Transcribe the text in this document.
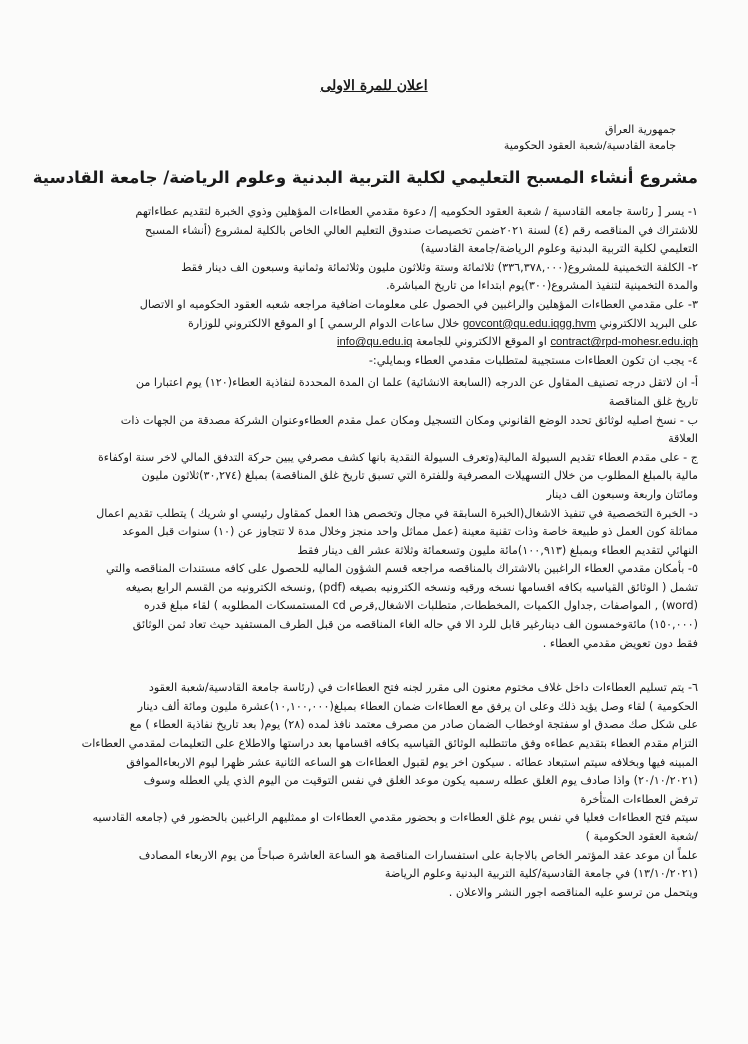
اعلان للمرة الاولى
جمهورية العراق
جامعة القادسية/شعبة العقود الحكومية
مشروع أنشاء المسبح التعليمي لكلية التربية البدنية وعلوم الرياضة/ جامعة القادسية
١- يسر [ رئاسة جامعه القادسية / شعبة العقود الحكوميه |/ دعوة مقدمي العطاءات المؤهلين وذوي الخبرة لتقديم عطاءاتهم
للاشتراك في المناقصه رقم (٤) لسنة ٢٠٢١ضمن تخصيصات صندوق التعليم العالي الخاص بالكلية لمشروع (أنشاء المسبح
التعليمي لكلية التربية البدنية وعلوم الرياضة/جامعة القادسية)
٢- الكلفة التخمينية للمشروع(٣٣٦,٣٧٨,٠٠٠) ثلاثمائة وستة وثلاثون مليون وثلاثمائة وثمانية وسبعون الف دينار فقط
والمدة التخمينية لتنفيذ المشروع(٣٠٠)يوم ابتداءا من تاريخ المباشرة.
٣- على مقدمي العطاءات المؤهلين والراغبين في الحصول على معلومات اضافية مراجعه شعبه العقود الحكوميه او الاتصال
على البريد الالكتروني govcont@qu.edu.iqgg.hvm خلال ساعات الدوام الرسمي ] او الموقع الالكتروني للوزارة
contract@rpd-mohesr.edu.iqh او الموقع الالكتروني للجامعة info@qu.edu.iq
٤- يجب ان تكون العطاءات مستجيبة لمتطلبات مقدمي العطاء وبمايلي:-
أ- ان لاتقل درجه تصنيف المقاول عن الدرجه (السابعة الانشائية) علما ان المدة المحددة لنفاذية العطاء(١٢٠) يوم اعتبارا من
تاريخ غلق المناقصة
ب - نسخ اصليه لوثائق تحدد الوضع القانوني ومكان التسجيل ومكان عمل مقدم العطاءوعنوان الشركة مصدقة من الجهات ذات
العلاقة
ج - على مقدم العطاء تقديم السيولة المالية(وتعرف السيولة النقدية بانها كشف مصرفي يبين حركة التدفق المالي لاخر سنة اوكفاءة
مالية بالمبلغ المطلوب من خلال التسهيلات المصرفية وللفترة التي تسبق تاريخ غلق المناقصة) بمبلغ (٣٠,٢٧٤)ثلاثون مليون
ومائتان واربعة وسبعون الف دينار
د- الخبرة التخصصية في تنفيذ الاشغال(الخبرة السابقة في مجال وتخصص هذا العمل كمقاول رئيسي او شريك ) يتطلب تقديم اعمال
مماثلة كون العمل ذو طبيعة خاصة وذات تقنية معينة (عمل مماثل واحد منجز وخلال مدة لا تتجاوز عن (١٠) سنوات قبل الموعد
النهائي لتقديم العطاء وبمبلغ (١٠٠,٩١٣)مائة مليون وتسعمائة وثلاثة عشر الف دينار فقط
٥- بأمكان مقدمي العطاء الراغبين بالاشتراك بالمناقصه مراجعه قسم الشؤون الماليه للحصول على كافه مستندات المناقصه والتي
تشمل ( الوثائق القياسيه بكافه اقسامها نسخه ورقيه ونسخه الكترونيه بصيغه (pdf) ,ونسخه الكترونيه من القسم الرابع بصيغه
(word) , المواصفات ,جداول الكميات ,المخططات, متطلبات الاشغال,قرص cd المستمسكات المطلوبه ) لقاء مبلغ قدره
(١٥٠,٠٠٠) مائةوخمسون الف دينارغير قابل للرد الا في حاله الغاء المناقصه من قبل الطرف المستفيد حيث تعاد ثمن الوثائق
فقط دون تعويض مقدمي العطاء .
٦- يتم تسليم العطاءات داخل غلاف مختوم معنون الى مقرر لجنه فتح العطاءات في (رئاسة جامعة القادسية/شعبة العقود
الحكومية ) لقاء وصل يؤيد ذلك وعلى ان يرفق مع العطاءات ضمان العطاء بمبلغ(١٠,١٠٠,٠٠٠)عشرة مليون ومائة ألف دينار
على شكل صك مصدق او سفتجة اوخطاب الضمان صادر من مصرف معتمد نافذ لمده (٢٨) يوم( بعد تاريخ نفاذية العطاء ) مع
التزام مقدم العطاء بتقديم عطاءه وفق ماتتطلبه الوثائق القياسيه بكافه اقسامها بعد دراستها والاطلاع على التعليمات لمقدمي العطاءات
المبينه فيها وبخلافه سيتم استبعاد عطائه . سيكون اخر يوم لقبول العطاءات هو الساعه الثانية عشر ظهرا ليوم الاربعاءالموافق
(٢٠/١٠/٢٠٢١) واذا صادف يوم الغلق عطله رسميه يكون موعد الغلق في نفس التوقيت من اليوم الذي يلي العطله وسوف
ترفض العطاءات المتأخرة
سيتم فتح العطاءات فعليا في نفس يوم غلق العطاءات و بحضور مقدمي العطاءات او ممثليهم الراغبين بالحضور في (جامعه القادسيه
/شعبة العقود الحكومية )
علماً ان موعد عقد المؤتمر الخاص بالاجابة على استفسارات المناقصة هو الساعة العاشرة صباحاً من يوم الاربعاء المصادف
(١٣/١٠/٢٠٢١) في جامعة القادسية/كلية التربية البدنية وعلوم الرياضة
ويتحمل من ترسو عليه المناقصه اجور النشر والاعلان .
